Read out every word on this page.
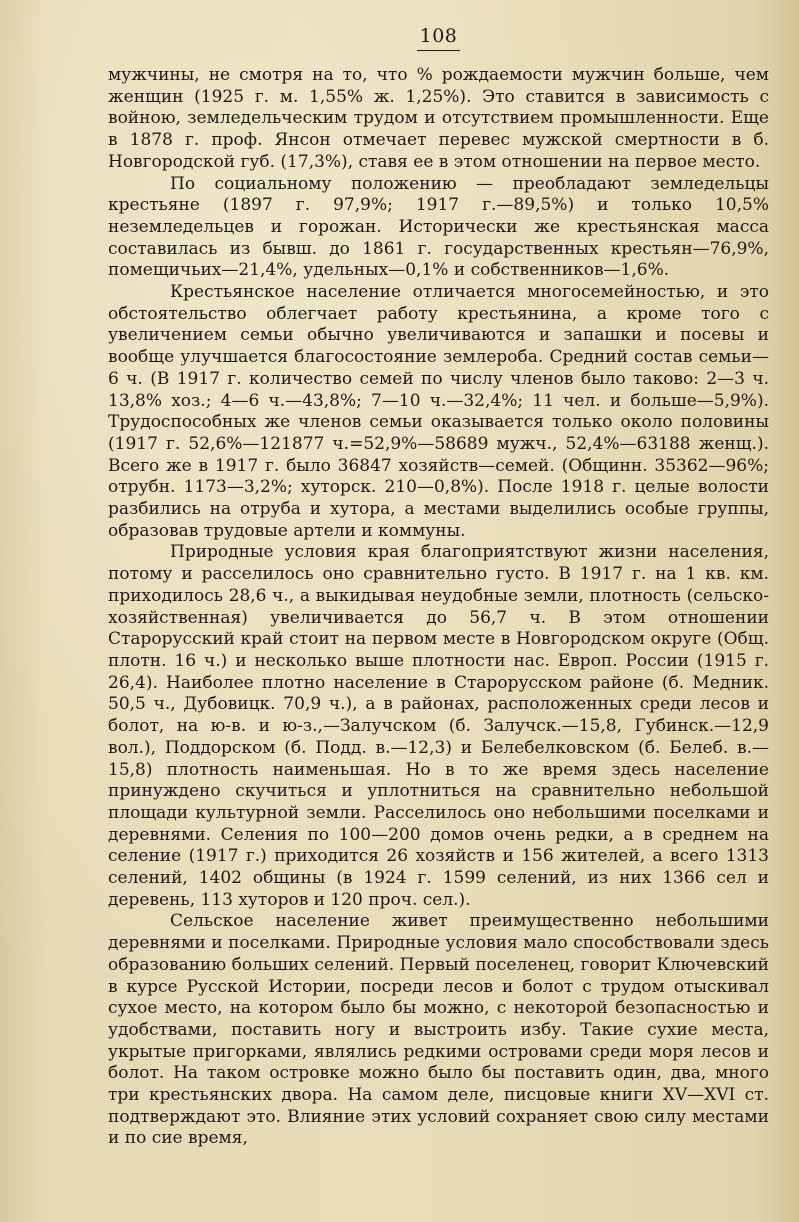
108

мужчины, не смотря на то, что % рождаемости мужчин больше, чем женщин (1925 г. м. 1,55% ж. 1,25%). Это ставится в зависимость с войною, земледельческим трудом и отсутствием промышленности. Еще в 1878 г. проф. Янсон отмечает перевес мужской смертности в б. Новгородской губ. (17,3%), ставя ее в этом отношении на первое место.

По социальному положению — преобладают земледельцы крестьяне (1897 г. 97,9%; 1917 г.—89,5%) и только 10,5% неземледельцев и горожан. Исторически же крестьянская масса составилась из бывш. до 1861 г. государственных крестьян—76,9%, помещичьих—21,4%, удельных—0,1% и собственников—1,6%.

Крестьянское население отличается многосемейностью, и это обстоятельство облегчает работу крестьянина, а кроме того с увеличением семьи обычно увеличиваются и запашки и посевы и вообще улучшается благосостояние землероба. Средний состав семьи—6 ч. (В 1917 г. количество семей по числу членов было таково: 2—3 ч. 13,8% хоз.; 4—6 ч.—43,8%; 7—10 ч.—32,4%; 11 чел. и больше—5,9%). Трудоспособных же членов семьи оказывается только около половины (1917 г. 52,6%—121877 ч.=52,9%—58689 мужч., 52,4%—63188 женщ.). Всего же в 1917 г. было 36847 хозяйств—семей. (Общинн. 35362—96%; отрубн. 1173—3,2%; хуторск. 210—0,8%). После 1918 г. целые волости разбились на отруба и хутора, а местами выделились особые группы, образовав трудовые артели и коммуны.

Природные условия края благоприятствуют жизни населения, потому и расселилось оно сравнительно густо. В 1917 г. на 1 кв. км. приходилось 28,6 ч., а выкидывая неудобные земли, плотность (сельско-хозяйственная) увеличивается до 56,7 ч. В этом отношении Старорусский край стоит на первом месте в Новгородском округе (Общ. плотн. 16 ч.) и несколько выше плотности нас. Европ. России (1915 г. 26,4). Наиболее плотно население в Старорусском районе (б. Медник. 50,5 ч., Дубовицк. 70,9 ч.), а в районах, расположенных среди лесов и болот, на ю-в. и ю-з.,—Залучском (б. Залучск.—15,8, Губинск.—12,9 вол.), Поддорском (б. Подд. в.—12,3) и Белебелковском (б. Белеб. в.—15,8) плотность наименьшая. Но в то же время здесь население принуждено скучиться и уплотниться на сравнительно небольшой площади культурной земли. Расселилось оно небольшими поселками и деревнями. Селения по 100—200 домов очень редки, а в среднем на селение (1917 г.) приходится 26 хозяйств и 156 жителей, а всего 1313 селений, 1402 общины (в 1924 г. 1599 селений, из них 1366 сел и деревень, 113 хуторов и 120 проч. сел.).

Сельское население живет преимущественно небольшими деревнями и поселками. Природные условия мало способствовали здесь образованию больших селений. Первый поселенец, говорит Ключевский в курсе Русской Истории, посреди лесов и болот с трудом отыскивал сухое место, на котором было бы можно, с некоторой безопасностью и удобствами, поставить ногу и выстроить избу. Такие сухие места, укрытые пригорками, являлись редкими островами среди моря лесов и болот. На таком островке можно было бы поставить один, два, много три крестьянских двора. На самом деле, писцовые книги XV—XVI ст. подтверждают это. Влияние этих условий сохраняет свою силу местами и по сие время,
